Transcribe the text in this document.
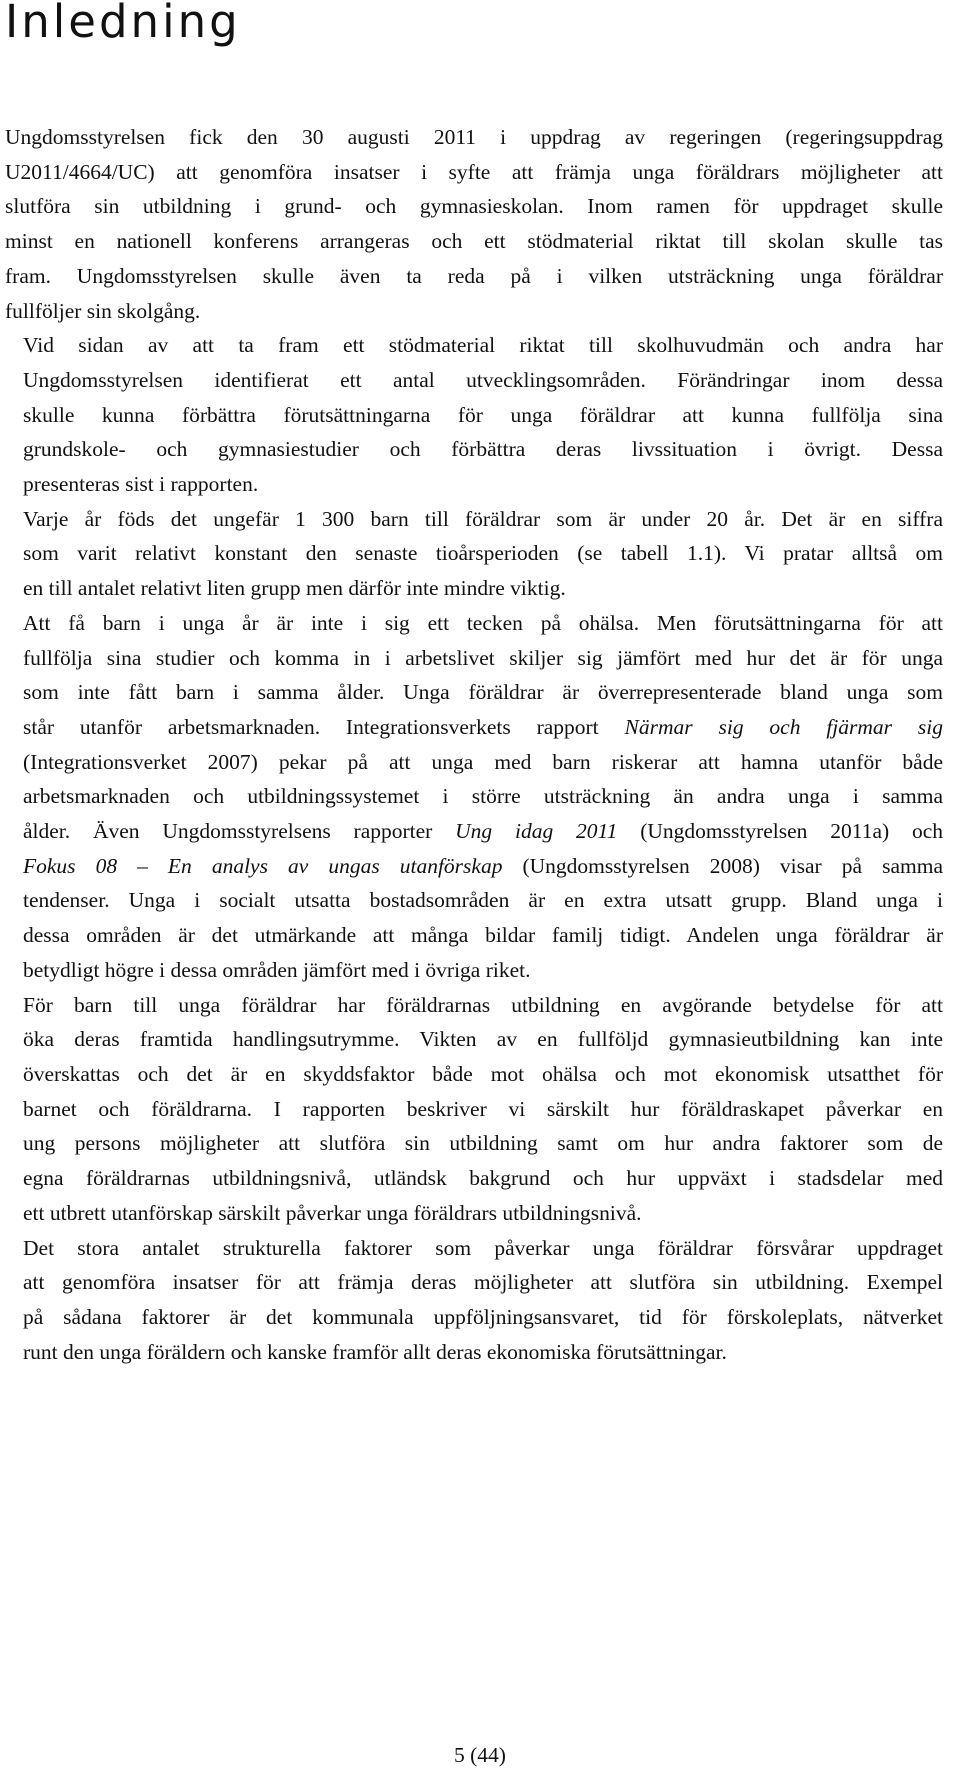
Inledning

Ungdomsstyrelsen fick den 30 augusti 2011 i uppdrag av regeringen (regeringsuppdrag
U2011/4664/UC) att genomföra insatser i syfte att främja unga föräldrars möjligheter att
slutföra sin utbildning i grund- och gymnasieskolan. Inom ramen för uppdraget skulle
minst en nationell konferens arrangeras och ett stödmaterial riktat till skolan skulle tas
fram. Ungdomsstyrelsen skulle även ta reda på i vilken utsträckning unga föräldrar
fullföljer sin skolgång.

Vid sidan av att ta fram ett stödmaterial riktat till skolhuvudmän och andra har
Ungdomsstyrelsen identifierat ett antal utvecklingsområden. Förändringar inom dessa
skulle kunna förbättra förutsättningarna för unga föräldrar att kunna fullfölja sina
grundskole- och gymnasiestudier och förbättra deras livssituation i övrigt. Dessa
presenteras sist i rapporten.

Varje år föds det ungefär 1 300 barn till föräldrar som är under 20 år. Det är en siffra
som varit relativt konstant den senaste tioårsperioden (se tabell 1.1). Vi pratar alltså om
en till antalet relativt liten grupp men därför inte mindre viktig.

Att få barn i unga år är inte i sig ett tecken på ohälsa. Men förutsättningarna för att
fullfölja sina studier och komma in i arbetslivet skiljer sig jämfört med hur det är för unga
som inte fått barn i samma ålder. Unga föräldrar är överrepresenterade bland unga som
står utanför arbetsmarknaden. Integrationsverkets rapport Närmar sig och fjärmar sig
(Integrationsverket 2007) pekar på att unga med barn riskerar att hamna utanför både
arbetsmarknaden och utbildningssystemet i större utsträckning än andra unga i samma
ålder. Även Ungdomsstyrelsens rapporter Ung idag 2011 (Ungdomsstyrelsen 2011a) och
Fokus 08 – En analys av ungas utanförskap (Ungdomsstyrelsen 2008) visar på samma
tendenser. Unga i socialt utsatta bostadsområden är en extra utsatt grupp. Bland unga i
dessa områden är det utmärkande att många bildar familj tidigt. Andelen unga föräldrar är
betydligt högre i dessa områden jämfört med i övriga riket.

För barn till unga föräldrar har föräldrarnas utbildning en avgörande betydelse för att
öka deras framtida handlingsutrymme. Vikten av en fullföljd gymnasieutbildning kan inte
överskattas och det är en skyddsfaktor både mot ohälsa och mot ekonomisk utsatthet för
barnet och föräldrarna. I rapporten beskriver vi särskilt hur föräldraskapet påverkar en
ung persons möjligheter att slutföra sin utbildning samt om hur andra faktorer som de
egna föräldrarnas utbildningsnivå, utländsk bakgrund och hur uppväxt i stadsdelar med
ett utbrett utanförskap särskilt påverkar unga föräldrars utbildningsnivå.

Det stora antalet strukturella faktorer som påverkar unga föräldrar försvårar uppdraget
att genomföra insatser för att främja deras möjligheter att slutföra sin utbildning. Exempel
på sådana faktorer är det kommunala uppföljningsansvaret, tid för förskoleplats, nätverket
runt den unga föräldern och kanske framför allt deras ekonomiska förutsättningar.

5 (44)
